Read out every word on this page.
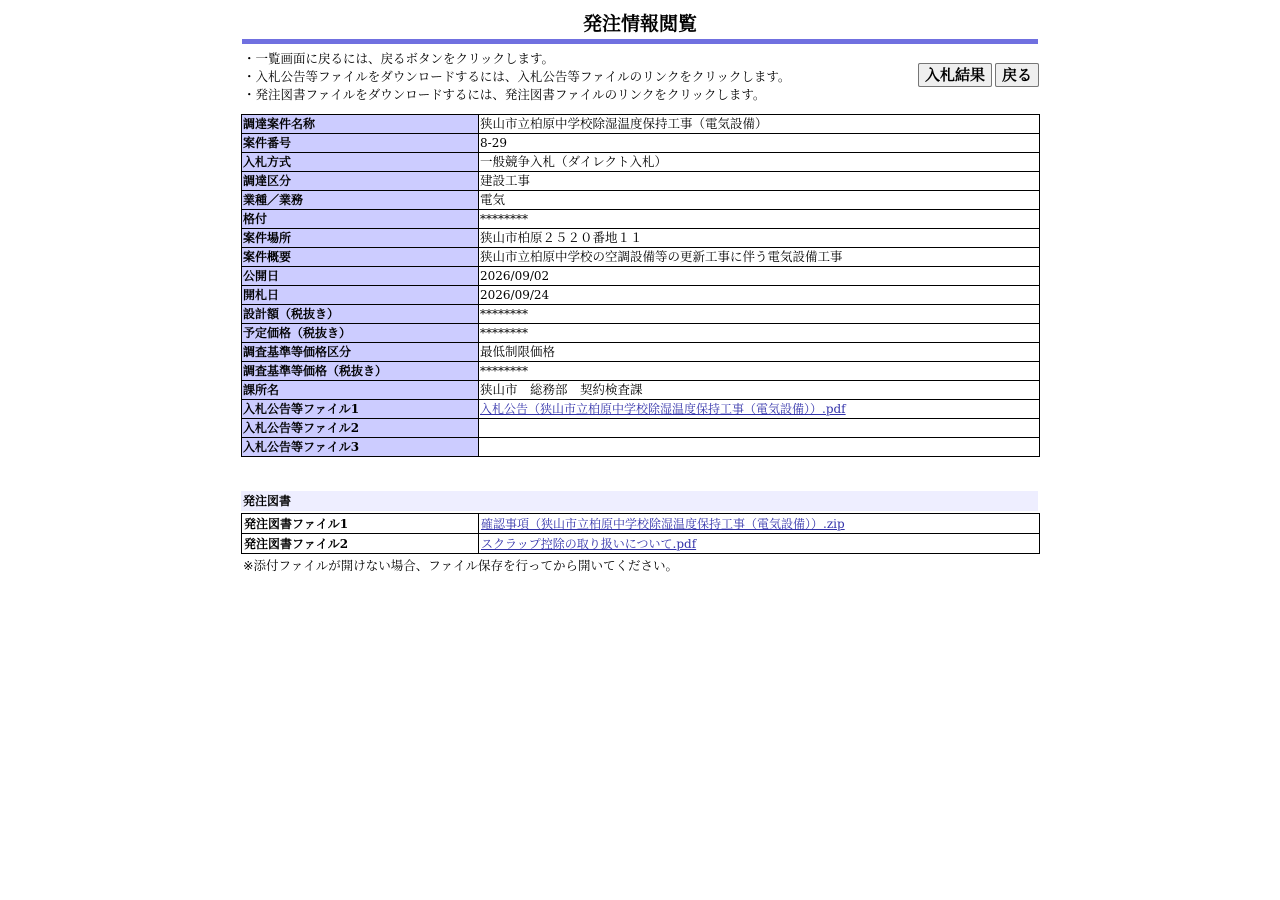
発注情報閲覧
・一覧画面に戻るには、戻るボタンをクリックします。
・入札公告等ファイルをダウンロードするには、入札公告等ファイルのリンクをクリックします。
・発注図書ファイルをダウンロードするには、発注図書ファイルのリンクをクリックします。
入札結果	戻る
調達案件名称	狭山市立柏原中学校除湿温度保持工事（電気設備）
案件番号	8-29
入札方式	一般競争入札（ダイレクト入札）
調達区分	建設工事
業種／業務	電気
格付	********
案件場所	狭山市柏原２５２０番地１１
案件概要	狭山市立柏原中学校の空調設備等の更新工事に伴う電気設備工事
公開日	2026/09/02
開札日	2026/09/24
設計額（税抜き）	********
予定価格（税抜き）	********
調査基準等価格区分	最低制限価格
調査基準等価格（税抜き）	********
課所名	狭山市　総務部　契約検査課
入札公告等ファイル1	入札公告（狭山市立柏原中学校除湿温度保持工事（電気設備））.pdf
入札公告等ファイル2	
入札公告等ファイル3	
発注図書
発注図書ファイル1	確認事項（狭山市立柏原中学校除湿温度保持工事（電気設備））.zip
発注図書ファイル2	スクラップ控除の取り扱いについて.pdf
※添付ファイルが開けない場合、ファイル保存を行ってから開いてください。
